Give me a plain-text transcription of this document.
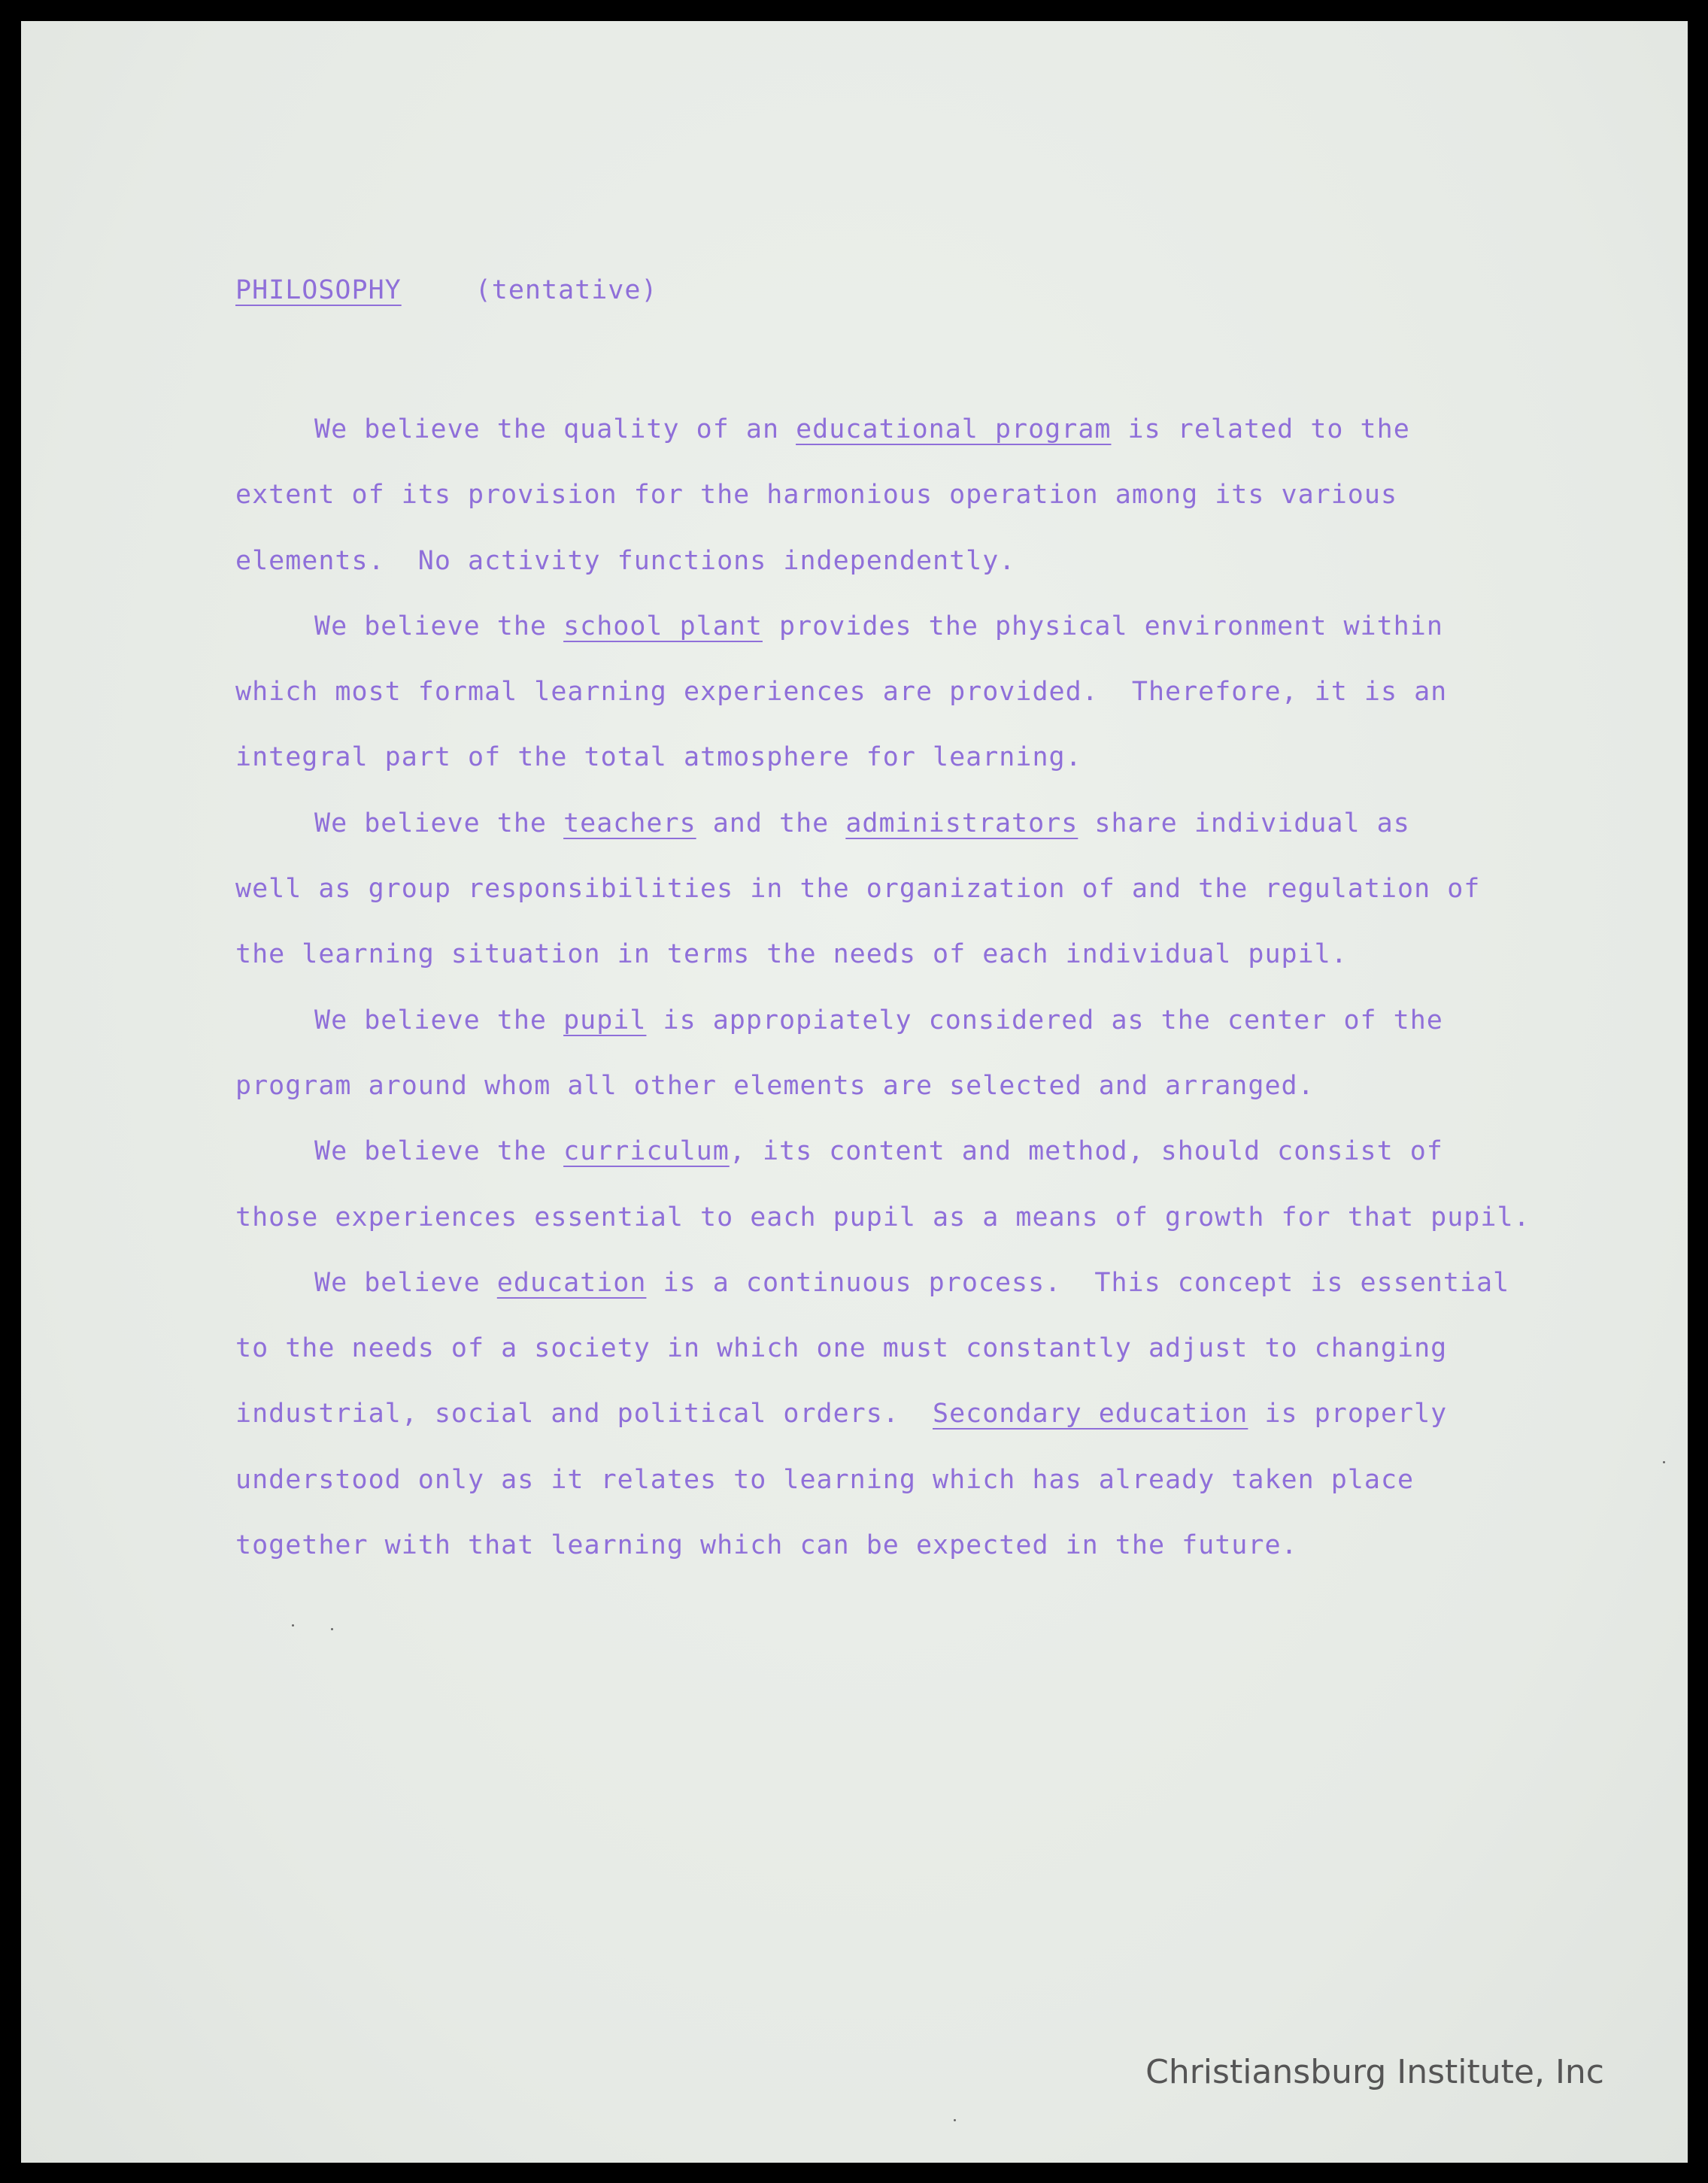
PHILOSOPHY	(tentative)
We believe the quality of an educational program is related to the
extent of its provision for the harmonious operation among its various
elements.  No activity functions independently.
We believe the school plant provides the physical environment within
which most formal learning experiences are provided.  Therefore, it is an
integral part of the total atmosphere for learning.
We believe the teachers and the administrators share individual as
well as group responsibilities in the organization of and the regulation of
the learning situation in terms the needs of each individual pupil.
We believe the pupil is appropiately considered as the center of the
program around whom all other elements are selected and arranged.
We believe the curriculum, its content and method, should consist of
those experiences essential to each pupil as a means of growth for that pupil.
We believe education is a continuous process.  This concept is essential
to the needs of a society in which one must constantly adjust to changing
industrial, social and political orders.  Secondary education is properly
understood only as it relates to learning which has already taken place
together with that learning which can be expected in the future.
Christiansburg Institute, Inc
